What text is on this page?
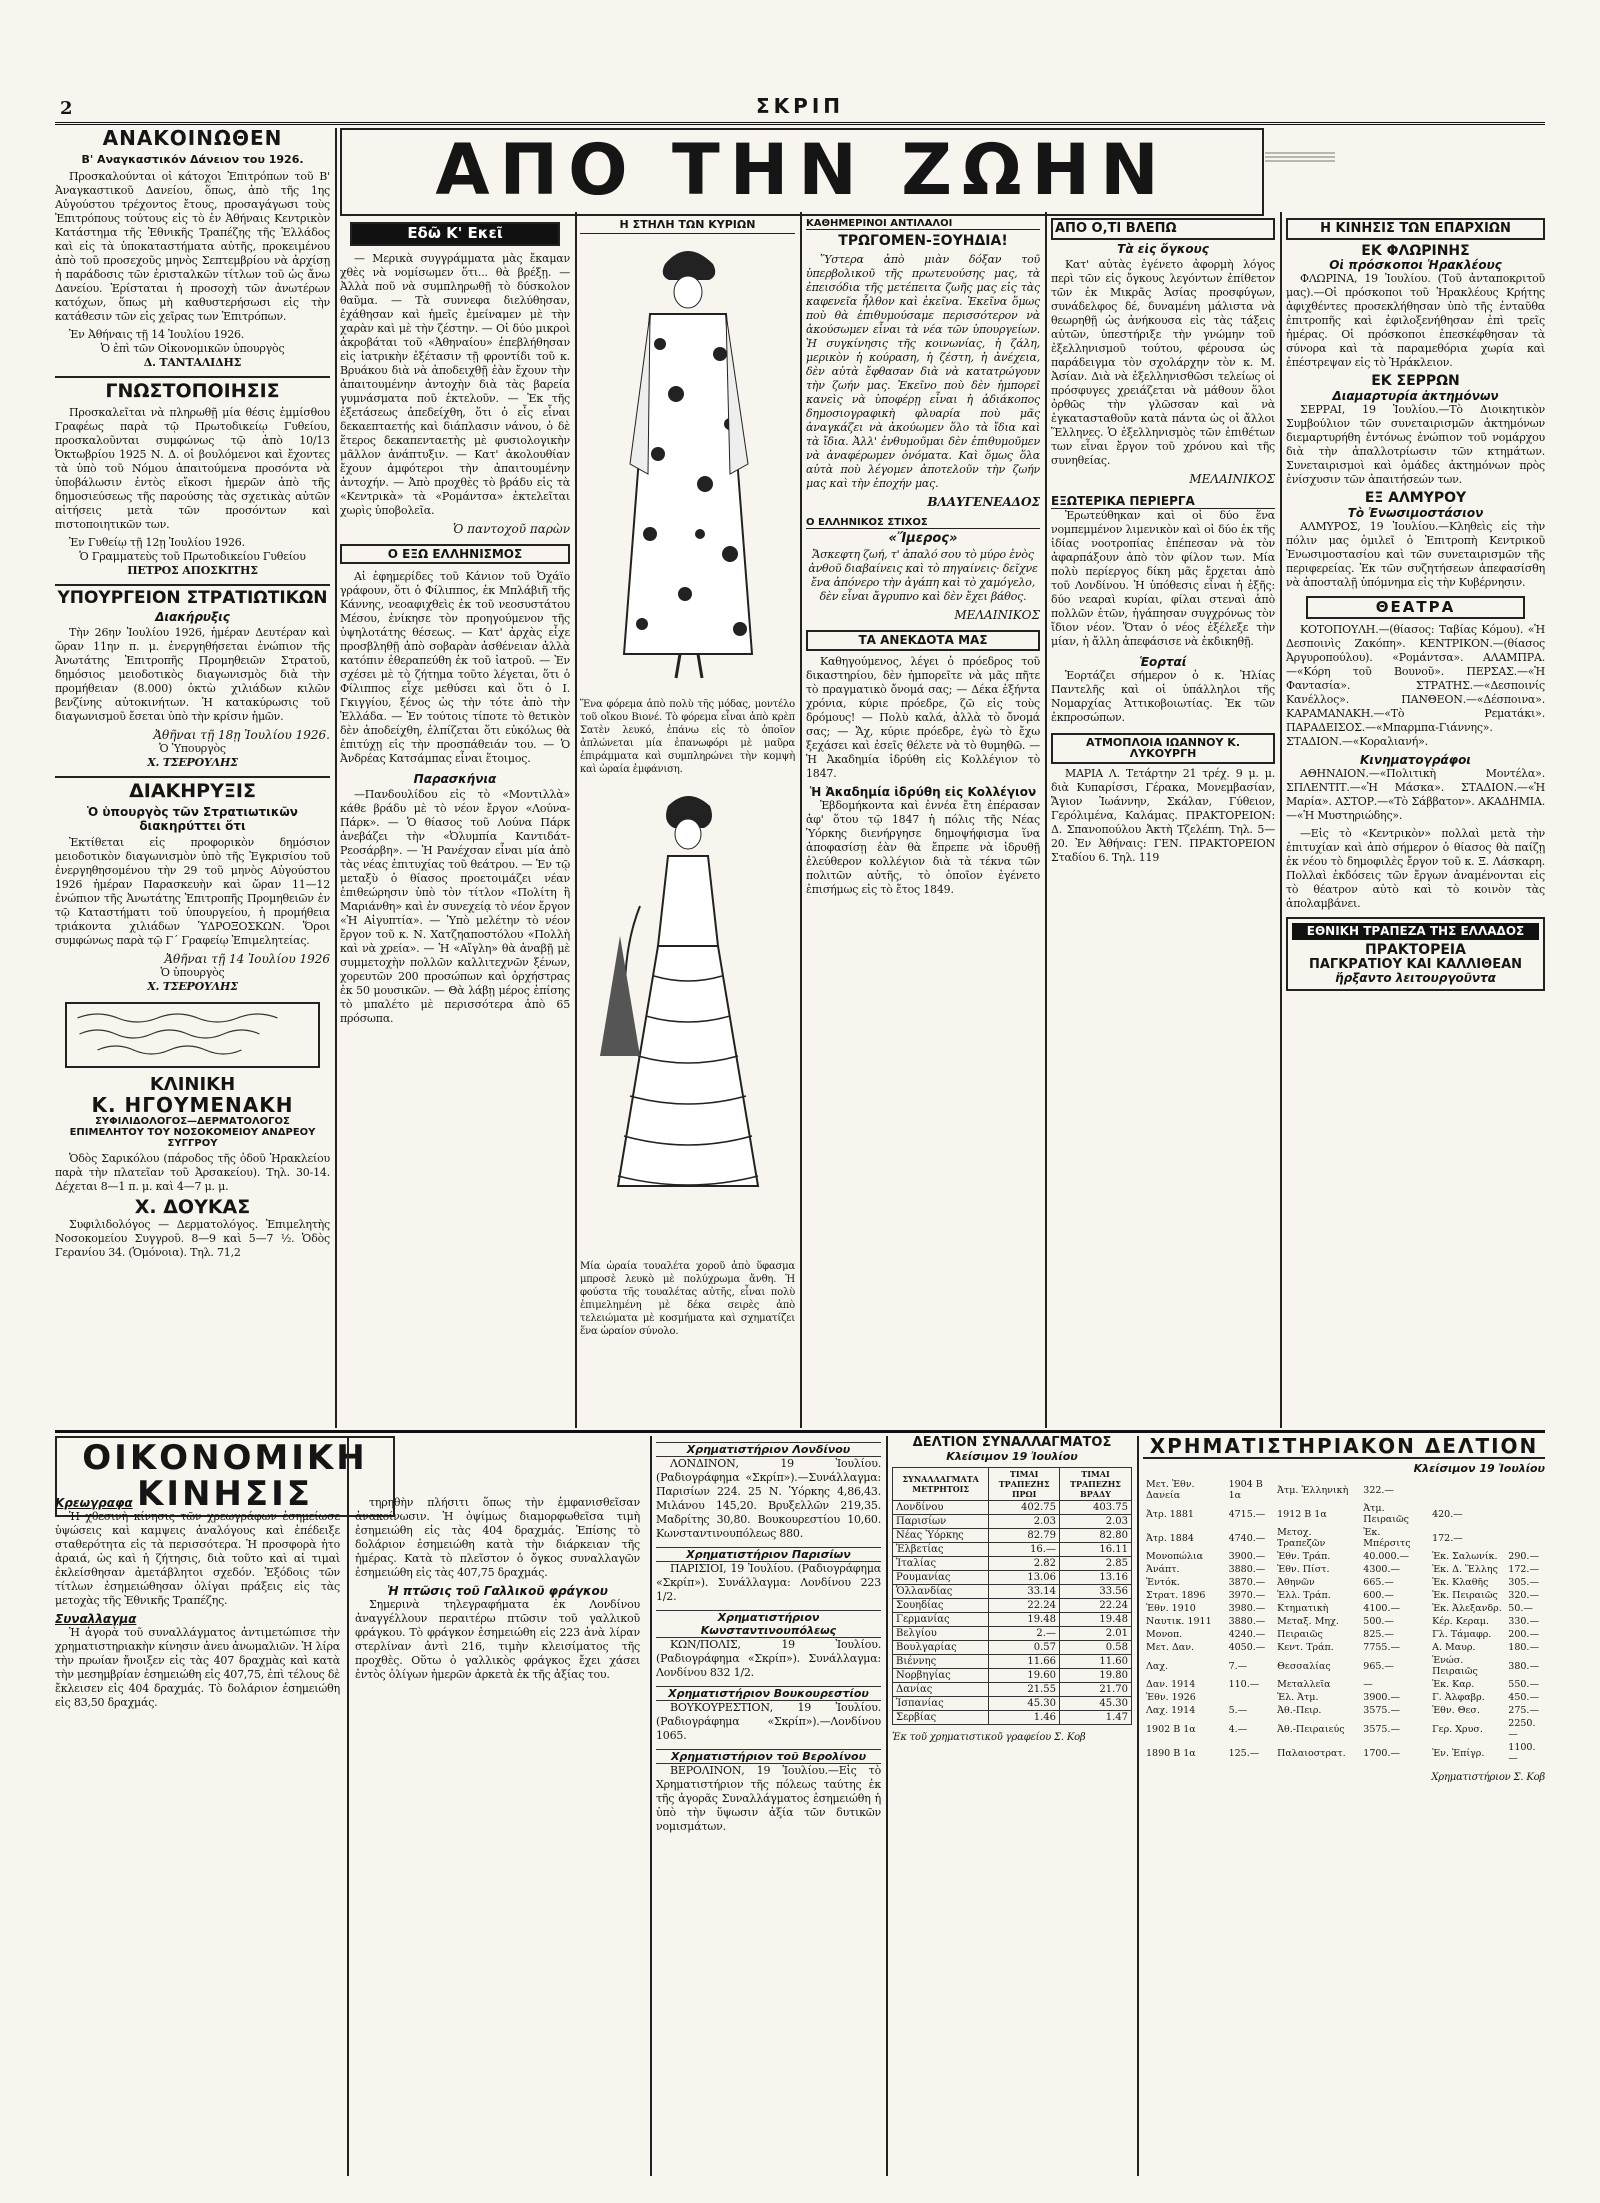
2	ΣΚΡΙΠ
ΑΠΟ ΤΗΝ ΖΩΗΝ
ΑΝΑΚΟΙΝΩΘΕΝ
Β' Αναγκαστικόν Δάνειον του 1926.

Προσκαλούνται οἱ κάτοχοι Ἐπιτρόπων τοῦ Β' Ἀναγκαστικοῦ Δανείου, ὅπως, ἀπὸ τῆς 1ης Αὐγούστου τρέχοντος ἔτους, προσαγάγωσι τοὺς Ἐπιτρόπους τούτους εἰς τὸ ἐν Ἀθήναις Κεντρικὸν Κατάστημα τῆς Ἐθνικῆς Τραπέζης τῆς Ἑλλάδος καὶ εἰς τὰ ὑποκαταστήματα αὐτῆς, προκειμένου ἀπὸ τοῦ προσεχοῦς μηνὸς Σεπτεμβρίου νὰ ἀρχίσῃ ἡ παράδοσις τῶν ἐρισταλκῶν τίτλων τοῦ ὡς ἄνω Δανείου. Ἐρίσταται ἡ προσοχὴ τῶν ἀνωτέρων κατόχων, ὅπως μὴ καθυστερήσωσι εἰς τὴν κατάθεσιν τῶν εἰς χεῖρας των Ἐπιτρόπων.

Ἐν Ἀθήναις τῇ 14 Ἰουλίου 1926.
Ὁ ἐπὶ τῶν Οἰκονομικῶν ὑπουργὸς
Δ. ΤΑΝΤΑΛΙΔΗΣ
ΓΝΩΣΤΟΠΟΙΗΣΙΣ

Προσκαλεῖται νὰ πληρωθῇ μία θέσις ἐμμίσθου Γραφέως παρὰ τῷ Πρωτοδικείῳ Γυθείου, προσκαλοῦνται συμφώνως τῷ ἀπὸ 10/13 Ὀκτωβρίου 1925 Ν. Δ. οἱ βουλόμενοι καὶ ἔχοντες τὰ ὑπὸ τοῦ Νόμου ἀπαιτούμενα προσόντα νὰ ὑποβάλωσιν ἐντὸς εἴκοσι ἡμερῶν ἀπὸ τῆς δημοσιεύσεως τῆς παρούσης τὰς σχετικὰς αὐτῶν αἰτήσεις μετὰ τῶν προσόντων καὶ πιστοποιητικῶν των.

Ἐν Γυθείῳ τῇ 12ῃ Ἰουλίου 1926.
Ὁ Γραμματεὺς τοῦ Πρωτοδικείου Γυθείου
ΠΕΤΡΟΣ ΑΠΟΣΚΙΤΗΣ
ΥΠΟΥΡΓΕΙΟΝ ΣΤΡΑΤΙΩΤΙΚΩΝ
Διακήρυξις

Τὴν 26ην Ἰουλίου 1926, ἡμέραν Δευτέραν καὶ ὥραν 11ην π. μ. ἐνεργηθήσεται ἐνώπιον τῆς Ἀνωτάτης Ἐπιτροπῆς Προμηθειῶν Στρατοῦ, δημόσιος μειοδοτικὸς διαγωνισμὸς διὰ τὴν προμήθειαν (8.000) ὀκτὼ χιλιάδων κιλῶν βενζίνης αὐτοκινήτων. Ἡ κατακύρωσις τοῦ διαγωνισμοῦ ἔσεται ὑπὸ τὴν κρίσιν ἡμῶν.

Ἀθῆναι τῇ 18ῃ Ἰουλίου 1926.
Ὁ Ὑπουργὸς
Χ. ΤΣΕΡΟΥΛΗΣ
ΔΙΑΚΗΡΥΞΙΣ
Ὁ ὑπουργὸς τῶν Στρατιωτικῶν διακηρύττει ὅτι

Ἐκτίθεται εἰς προφορικὸν δημόσιον μειοδοτικὸν διαγωνισμὸν ὑπὸ τῆς Ἐγκρισίου τοῦ ἐνεργηθησομένου τὴν 29 τοῦ μηνὸς Αὐγούστου 1926 ἡμέραν Παρασκευὴν καὶ ὥραν 11—12 ἐνώπιον τῆς Ἀνωτάτης Ἐπιτροπῆς Προμηθειῶν ἐν τῷ Καταστήματι τοῦ ὑπουργείου, ἡ προμήθεια τριάκοντα χιλιάδων ὙΔΡΟΞΟΣΚΩΝ. Ὅροι συμφώνως παρὰ τῷ Γ΄ Γραφείῳ Ἐπιμελητείας.

Ἀθῆναι τῇ 14 Ἰουλίου 1926
Ὁ ὑπουργὸς
Χ. ΤΣΕΡΟΥΛΗΣ
ΚΛΙΝΙΚΗ
Κ. ΗΓΟΥΜΕΝΑΚΗ
ΣΥΦΙΛΙΔΟΛΟΓΟΣ—ΔΕΡΜΑΤΟΛΟΓΟΣ
ΕΠΙΜΕΛΗΤΟΥ ΤΟΥ ΝΟΣΟΚΟΜΕΙΟΥ ΑΝΔΡΕΟΥ ΣΥΓΓΡΟΥ

Ὁδὸς Σαρικόλου (πάροδος τῆς ὁδοῦ Ἡρακλείου παρὰ τὴν πλατεῖαν τοῦ Ἀρσακείου). Τηλ. 30-14. Δέχεται 8—1 π. μ. καὶ 4—7 μ. μ.

Χ. ΔΟΥΚΑΣ

Συφιλιδολόγος — Δερματολόγος. Ἐπιμελητὴς Νοσοκομείου Συγγροῦ. 8—9 καὶ 5—7 ½. Ὁδὸς Γερανίου 34. (Ὁμόνοια). Τηλ. 71,2

Εδῶ Κ' Εκεῖ

— Μερικὰ συγγράμματα μὰς ἔκαμαν χθὲς νὰ νομίσωμεν ὅτι... θὰ βρέξῃ. — Ἀλλὰ ποῦ νὰ συμπληρωθῇ τὸ δύσκολον θαῦμα. — Τὰ συννεφα διελύθησαν, ἐχάθησαν καὶ ἡμεῖς ἐμείναμεν μὲ τὴν χαρὰν καὶ μὲ τὴν ζέστην. — Οἱ δύο μικροὶ ἀκροβάται τοῦ «Ἀθηναίου» ἐπεβλήθησαν εἰς ἰατρικὴν ἐξέτασιν τῇ φροντίδι τοῦ κ. Βρυάκου διὰ νὰ ἀποδειχθῇ ἐὰν ἔχουν τὴν ἀπαιτουμένην ἀντοχὴν διὰ τὰς βαρεία γυμνάσματα ποῦ ἐκτελοῦν. — Ἐκ τῆς ἐξετάσεως ἀπεδείχθη, ὅτι ὁ εἷς εἶναι δεκαεπταετής καὶ διάπλασιν νάνου, ὁ δὲ ἕτερος δεκαπενταετὴς μὲ φυσιολογικὴν μᾶλλον ἀνάπτυξιν. — Κατ' ἀκολουθίαν ἔχουν ἀμφότεροι τὴν ἀπαιτουμένην ἀντοχήν. — Ἀπὸ προχθὲς τὸ βράδυ εἰς τὰ «Κεντρικὰ» τὰ «Ρομάντσα» ἐκτελεῖται χωρὶς ὑποβολεῖα.

Ὁ παντοχοῦ παρὼν
Ο ΕΞΩ ΕΛΛΗΝΙΣΜΟΣ

Αἱ ἐφημερίδες τοῦ Κάνιον τοῦ Ὀχάϊο γράφουν, ὅτι ὁ Φίλιππος, ἐκ Μπλάβιῆ τῆς Κάννης, νεοαφιχθεὶς ἐκ τοῦ νεοσυστάτου Μέσου, ἐνίκησε τὸν προηγούμενον τῆς ὑψηλοτάτης θέσεως. — Κατ' ἀρχὰς εἶχε προσβληθῇ ἀπὸ σοβαρὰν ἀσθένειαν ἀλλὰ κατόπιν ἐθεραπεύθη ἐκ τοῦ ἰατροῦ. — Ἐν σχέσει μὲ τὸ ζήτημα τοῦτο λέγεται, ὅτι ὁ Φίλιππος εἶχε μεθύσει καὶ ὅτι ὁ Ι. Γκιγγίου, ξένος ὡς τὴν τότε ἀπὸ τὴν Ἑλλάδα. — Ἐν τούτοις τίποτε τὸ θετικὸν δὲν ἀποδείχθη, ἐλπίζεται ὅτι εὐκόλως θὰ ἐπιτύχῃ εἰς τὴν προσπάθειάν του. — Ὁ Ἀνδρέας Κατσάμπας εἶναι ἕτοιμος.

Παρασκήνια

—Πανδουλίδου εἰς τὸ «Μοντιλλὰ» κάθε βράδυ μὲ τὸ νέον ἔργον «Λούνα-Πάρκ». — Ὁ θίασος τοῦ Λούνα Πάρκ ἀνεβάζει τὴν «Ὀλυμπία Καντιδάτ-Ρεοσάρβη». — Ἡ Ρανέχσαν εἶναι μία ἀπὸ τὰς νέας ἐπιτυχίας τοῦ θεάτρου. — Ἐν τῷ μεταξὺ ὁ θίασος προετοιμάζει νέαν ἐπιθεώρησιν ὑπὸ τὸν τίτλον «Πολίτη ἢ Μαριάνθη» καὶ ἐν συνεχείᾳ τὸ νέον ἔργον «Ἡ Αἰγυπτία». — Ὑπὸ μελέτην τὸ νέον ἔργον τοῦ κ. Ν. Χατζηαποστόλου «Πολλὴ καὶ νὰ χρεία». — Ἡ «Αἴγλη» θὰ ἀναβῇ μὲ συμμετοχὴν πολλῶν καλλιτεχνῶν ξένων, χορευτῶν 200 προσώπων καὶ ὀρχήστρας ἐκ 50 μουσικῶν. — Θὰ λάβῃ μέρος ἐπίσης τὸ μπαλέτο μὲ περισσότερα ἀπὸ 65 πρόσωπα.

Η ΣΤΗΛΗ ΤΩΝ ΚΥΡΙΩΝ

Ἕνα φόρεμα ἀπὸ πολὺ τῆς μόδας, μοντέλο τοῦ οἴκου Βιονέ. Τὸ φόρεμα εἶναι ἀπὸ κρὲπ Σατὲν λευκό, ἐπάνω εἰς τὸ ὁποῖον ἀπλώνεται μία ἐπανωφόρι μὲ μαῦρα ἐπιράμματα καὶ συμπληρώνει τὴν κομψὴ καὶ ὡραία ἐμφάνιση.

Μία ὡραία τουαλέτα χοροῦ ἀπὸ ὕφασμα μπροσὲ λευκὸ μὲ πολύχρωμα ἄνθη. Ἡ φούστα τῆς τουαλέτας αὐτῆς, εἶναι πολὺ ἐπιμελημένη μὲ δέκα σειρὲς ἀπὸ τελειώματα μὲ κοσμήματα καὶ σχηματίζει ἕνα ὡραίον σύνολο.

ΚΑΘΗΜΕΡΙΝΟΙ ΑΝΤΙΛΑΛΟΙ
ΤΡΩΓΟΜΕΝ-ΞΟΥΗΔΙΑ!

Ὕστερα ἀπὸ μιὰν δόξαν τοῦ ὑπερβολικοῦ τῆς πρωτευούσης μας, τὰ ἐπεισόδια τῆς μετέπειτα ζωῆς μας εἰς τὰς καφενεῖα ἦλθον καὶ ἐκεῖνα. Ἐκεῖνα ὅμως ποὺ θὰ ἐπιθυμούσαμε περισσότερον νὰ ἀκούσωμεν εἶναι τὰ νέα τῶν ὑπουργείων. Ἡ συγκίνησις τῆς κοινωνίας, ἡ ζάλη, μερικὸν ἡ κούραση, ἡ ζέστη, ἡ ἀνέχεια, δὲν αὐτὰ ἔφθασαν διὰ νὰ κατατρώγουν τὴν ζωήν μας. Ἐκεῖνο ποὺ δὲν ἠμπορεῖ κανεὶς νὰ ὑποφέρῃ εἶναι ἡ ἀδιάκοπος δημοσιογραφικὴ φλυαρία ποὺ μᾶς ἀναγκάζει νὰ ἀκούωμεν ὅλο τὰ ἴδια καὶ τὰ ἴδια. Ἀλλ' ἐνθυμοῦμαι δὲν ἐπιθυμοῦμεν νὰ ἀναφέρωμεν ὀνόματα. Καὶ ὅμως ὅλα αὐτὰ ποὺ λέγομεν ἀποτελοῦν τὴν ζωήν μας καὶ τὴν ἐποχήν μας.

ΒΛΑΥΓΕΝΕΑΔΟΣ
Ο ΕΛΛΗΝΙΚΟΣ ΣΤΙΧΟΣ
«Ἴμερος»

Ἄσκεφτη ζωή, τ' ἀπαλό σου τὸ μύρο ἐνὸς ἀνθοῦ διαβαίνεις καὶ τὸ πηγαίνεις· δεῖχνε ἔνα ἀπόνερο τὴν ἀγάπη καὶ τὸ χαμόγελο, δὲν εἶναι ἄγρυπνο καὶ δὲν ἔχει βάθος.

ΜΕΛΑΙΝΙΚΟΣ
ΤΑ ΑΝΕΚΔΟΤΑ ΜΑΣ

Καθηγούμενος, λέγει ὁ πρόεδρος τοῦ δικαστηρίου, δὲν ἠμπορεῖτε νὰ μᾶς πῆτε τὸ πραγματικὸ ὄνομά σας; — Δέκα ἑξήντα χρόνια, κύριε πρόεδρε, ζῶ εἰς τοὺς δρόμους! — Πολὺ καλά, ἀλλὰ τὸ ὄνομά σας; — Ἄχ, κύριε πρόεδρε, ἐγὼ τὸ ἔχω ξεχάσει καὶ ἐσεῖς θέλετε νὰ τὸ θυμηθῶ. — Ἡ Ἀκαδημία ἱδρύθη εἰς Κολλέγιον τὸ 1847.

Ἡ Ἀκαδημία ἱδρύθη εἰς Κολλέγιον

Ἐβδομήκοντα καὶ ἐννέα ἔτη ἐπέρασαν ἀφ' ὅτου τῷ 1847 ἡ πόλις τῆς Νέας Ὑόρκης διενήργησε δημοψήφισμα ἵνα ἀποφασίσῃ ἐὰν θὰ ἔπρεπε νὰ ἱδρυθῇ ἐλεύθερον κολλέγιον διὰ τὰ τέκνα τῶν πολιτῶν αὐτῆς, τὸ ὁποῖον ἐγένετο ἐπισήμως εἰς τὸ ἔτος 1849.

ΑΠΟ Ο,ΤΙ ΒΛΕΠΩ
Τὰ εἰς ὄγκους

Κατ' αὐτὰς ἐγένετο ἀφορμὴ λόγος περὶ τῶν εἰς ὄγκους λεγόντων ἐπίθετον τῶν ἐκ Μικρᾶς Ἀσίας προσφύγων, συνάδελφος δέ, δυναμένη μάλιστα νὰ θεωρηθῇ ὡς ἀνήκουσα εἰς τὰς τάξεις αὐτῶν, ὑπεστήριξε τὴν γνώμην τοῦ ἐξελληνισμοῦ τούτου, φέρουσα ὡς παράδειγμα τὸν σχολάρχην τὸν κ. Μ. Ἀσίαν. Διὰ νὰ ἐξελληνισθῶσι τελείως οἱ πρόσφυγες χρειάζεται νὰ μάθουν ὅλοι ὀρθῶς τὴν γλῶσσαν καὶ νὰ ἐγκατασταθοῦν κατὰ πάντα ὡς οἱ ἄλλοι Ἕλληνες. Ὁ ἐξελληνισμὸς τῶν ἐπιθέτων των εἶναι ἔργον τοῦ χρόνου καὶ τῆς συνηθείας.

ΜΕΛΑΙΝΙΚΟΣ
ΕΞΩΤΕΡΙΚΑ ΠΕΡΙΕΡΓΑ

Ἐρωτεύθηκαν καὶ οἱ δύο ἕνα νομπεμμένον λιμενικὸν καὶ οἱ δύο ἐκ τῆς ἰδίας νοοτροπίας ἐπέπεσαν νὰ τὸν ἀφαρπάξουν ἀπὸ τὸν φίλον των. Μία πολὺ περίεργος δίκη μᾶς ἔρχεται ἀπὸ τοῦ Λονδίνου. Ἡ ὑπόθεσις εἶναι ἡ ἑξῆς: δύο νεαραὶ κυρίαι, φίλαι στεναὶ ἀπὸ πολλῶν ἐτῶν, ἠγάπησαν συγχρόνως τὸν ἴδιον νέον. Ὅταν ὁ νέος ἐξέλεξε τὴν μίαν, ἡ ἄλλη ἀπεφάσισε νὰ ἐκδικηθῇ.

Ἑορταί

Ἑορτάζει σήμερον ὁ κ. Ἠλίας Παντελῆς καὶ οἱ ὑπάλληλοι τῆς Νομαρχίας Ἀττικοβοιωτίας. Ἐκ τῶν ἐκπροσώπων.

ΑΤΜΟΠΛΟΙΑ ΙΩΑΝΝΟΥ Κ. ΛΥΚΟΥΡΓΗ

ΜΑΡΙΑ Λ. Τετάρτην 21 τρέχ. 9 μ. μ. διὰ Κυπαρίσσι, Γέρακα, Μονεμβασίαν, Ἄγιον Ἰωάννην, Σκάλαν, Γύθειον, Γερόλιμένα, Καλάμας. ΠΡΑΚΤΟΡΕΙΟΝ: Δ. Σπανοπούλου Ἀκτὴ Τζελέπη. Τηλ. 5—20. Ἐν Ἀθήναις: ΓΕΝ. ΠΡΑΚΤΟΡΕΙΟΝ Σταδίου 6. Τηλ. 119

Η ΚΙΝΗΣΙΣ ΤΩΝ ΕΠΑΡΧΙΩΝ
ΕΚ ΦΛΩΡΙΝΗΣ
Οἱ πρόσκοποι Ἡρακλέους

ΦΛΩΡΙΝΑ, 19 Ἰουλίου. (Τοῦ ἀνταποκριτοῦ μας).—Οἱ πρόσκοποι τοῦ Ἡρακλέους Κρήτης ἀφιχθέντες προσεκλήθησαν ὑπὸ τῆς ἐνταῦθα ἐπιτροπῆς καὶ ἐφιλοξενήθησαν ἐπὶ τρεῖς ἡμέρας. Οἱ πρόσκοποι ἐπεσκέφθησαν τὰ σύνορα καὶ τὰ παραμεθόρια χωρία καὶ ἐπέστρεψαν εἰς τὸ Ἡράκλειον.

ΕΚ ΣΕΡΡΩΝ
Διαμαρτυρία ἀκτημόνων

ΣΕΡΡΑΙ, 19 Ἰουλίου.—Τὸ Διοικητικὸν Συμβούλιον τῶν συνεταιρισμῶν ἀκτημόνων διεμαρτυρήθη ἐντόνως ἐνώπιον τοῦ νομάρχου διὰ τὴν ἀπαλλοτρίωσιν τῶν κτημάτων. Συνεταιρισμοὶ καὶ ὁμάδες ἀκτημόνων πρὸς ἐνίσχυσιν τῶν ἀπαιτήσεών των.

ΕΞ ΑΛΜΥΡΟΥ
Τὸ Ἐνωσιμοστάσιον

ΑΛΜΥΡΟΣ, 19 Ἰουλίου.—Κληθεὶς εἰς τὴν πόλιν μας ὁμιλεῖ ὁ Ἐπιτροπὴ Κεντρικοῦ Ἐνωσιμοστασίου καὶ τῶν συνεταιρισμῶν τῆς περιφερείας. Ἐκ τῶν συζητήσεων ἀπεφασίσθη νὰ ἀποσταλῇ ὑπόμνημα εἰς τὴν Κυβέρνησιν.

ΘΕΑΤΡΑ

ΚΟΤΟΠΟΥΛΗ.—(θίασος: Ταβίας Κόμου). «Ἡ Δεσποινὶς Ζακόπη». ΚΕΝΤΡΙΚΟΝ.—(θίασος Ἀργυροπούλου). «Ρομάντσα». ΑΛΑΜΠΡΑ.—«Κόρη τοῦ Βουνοῦ». ΠΕΡΣΑΣ.—«Ἡ Φαντασία». ΣΤΡΑΤΗΣ.—«Δεσποινίς Κανέλλος». ΠΑΝΘΕΟΝ.—«Δέσποινα». ΚΑΡΑΜΑΝΑΚΗ.—«Τὸ Ρεματάκι». ΠΑΡΑΔΕΙΣΟΣ.—«Μπαρμπα-Γιάννης». ΣΤΑΔΙΟΝ.—«Κοραλιανή».

Κινηματογράφοι

ΑΘΗΝΑΙΟΝ.—«Πολιτικὴ Μοντέλα». ΣΠΛΕΝΤΙΤ.—«Ἡ Μάσκα». ΣΤΑΔΙΟΝ.—«Ἡ Μαρία». ΑΣΤΟΡ.—«Τὸ Σάββατον». ΑΚΑΔΗΜΙΑ.—«Ἡ Μυστηριώδης».

—Εἰς τὸ «Κεντρικὸν» πολλαὶ μετὰ τὴν ἐπιτυχίαν καὶ ἀπὸ σήμερον ὁ θίασος θὰ παίζῃ ἐκ νέου τὸ δημοφιλὲς ἔργον τοῦ κ. Ξ. Λάσκαρη. Πολλαὶ ἐκδόσεις τῶν ἔργων ἀναμένονται εἰς τὸ θέατρον αὐτὸ καὶ τὸ κοινὸν τὰς ἀπολαμβάνει.

ΕΘΝΙΚΗ ΤΡΑΠΕΖΑ ΤΗΣ ΕΛΛΑΔΟΣ
ΠΡΑΚΤΟΡΕΙΑ
ΠΑΓΚΡΑΤΙΟΥ ΚΑΙ ΚΑΛΛΙΘΕΑΝ
ἤρξαντο λειτουργοῦντα
ΟΙΚΟΝΟΜΙΚΗ ΚΙΝΗΣΙΣ
Κρεωγραφα

Ἡ χθεσινὴ κίνησις τῶν χρεωγράφων ἐσημείωσε ὑψώσεις καὶ καμψεις ἀναλόγους καὶ ἐπέδειξε σταθερότητα εἰς τὰ περισσότερα. Ἡ προσφορὰ ἡτο ἀραιά, ὡς καὶ ἡ ζήτησις, διὰ τοῦτο καὶ αἱ τιμαὶ ἐκλείσθησαν ἀμετάβλητοι σχεδόν. Ἐξόδοις τῶν τίτλων ἐσημειώθησαν ὀλίγαι πράξεις εἰς τὰς μετοχὰς τῆς Ἐθνικῆς Τραπέζης.

Συναλλαγμα

Ἡ ἀγορὰ τοῦ συναλλάγματος ἀντιμετώπισε τὴν χρηματιστηριακὴν κίνησιν ἀνευ ἀνωμαλιῶν. Ἡ λίρα τὴν πρωίαν ἤνοιξεν εἰς τὰς 407 δραχμὰς καὶ κατὰ τὴν μεσημβρίαν ἐσημειώθη εἰς 407,75, ἐπὶ τέλους δὲ ἔκλεισεν εἰς 404 δραχμάς. Τὸ δολάριον ἐσημειώθη εἰς 83,50 δραχμάς.

τηρηθὴν πλήσιτι ὅπως τὴν ἐμφανισθεῖσαν ἀνακοίνωσιν. Ἡ ὀψίμως διαμορφωθεῖσα τιμὴ ἐσημειώθη εἰς τὰς 404 δραχμάς. Ἐπίσης τὸ δολάριον ἐσημειώθη κατὰ τὴν διάρκειαν τῆς ἡμέρας. Κατὰ τὸ πλεῖστον ὁ ὄγκος συναλλαγῶν ἐσημειώθη εἰς τὰς 407,75 δραχμάς.

Ἡ πτῶσις τοῦ Γαλλικοῦ φράγκου

Σημερινὰ τηλεγραφήματα ἐκ Λονδίνου ἀναγγέλλουν περαιτέρω πτῶσιν τοῦ γαλλικοῦ φράγκου. Τὸ φράγκον ἐσημειώθη εἰς 223 ἀνὰ λίραν στερλίναν ἀντὶ 216, τιμὴν κλεισίματος τῆς προχθὲς. Οὕτω ὁ γαλλικὸς φράγκος ἔχει χάσει ἐντὸς ὀλίγων ἡμερῶν ἀρκετὰ ἐκ τῆς ἀξίας του.

Χρηματιστήριον Λονδίνου

ΛΟΝΔΙΝΟΝ, 19 Ἰουλίου. (Ραδιογράφημα «Σκρίπ»).—Συνάλλαγμα: Παρισίων 224. 25 Ν. Ὑόρκης 4,86,43. Μιλάνου 145,20. Βρυξελλῶν 219,35. Μαδρίτης 30,80. Βουκουρεστίου 10,60. Κωνσταντινουπόλεως 880.

Χρηματιστήριον Παρισίων

ΠΑΡΙΣΙΟΙ, 19 Ἰουλίου. (Ραδιογράφημα «Σκρίπ»). Συνάλλαγμα: Λονδίνου 223 1/2.

Χρηματιστήριον Κωνσταντινουπόλεως

ΚΩΝ/ΠΟΛΙΣ, 19 Ἰουλίου. (Ραδιογράφημα «Σκρίπ»). Συνάλλαγμα: Λονδίνου 832 1/2.

Χρηματιστήριον Βουκουρεστίου

ΒΟΥΚΟΥΡΕΣΤΙΟΝ, 19 Ἰουλίου. (Ραδιογράφημα «Σκρίπ»).—Λονδίνου 1065.

Χρηματιστήριον τοῦ Βερολίνου

ΒΕΡΟΛΙΝΟΝ, 19 Ἰουλίου.—Εἰς τὸ Χρηματιστήριον τῆς πόλεως ταύτης ἐκ τῆς ἀγορᾶς Συναλλάγματος ἐσημειώθη ἡ ὑπὸ τὴν ὕψωσιν ἀξία τῶν δυτικῶν νομισμάτων.

ΔΕΛΤΙΟΝ ΣΥΝΑΛΛΑΓΜΑΤΟΣ
Κλείσιμον 19 Ἰουλίου
ΣΥΝΑΛΛΑΓΜΑΤΑ ΜΕΤΡΗΤΟΙΣ	ΤΙΜΑΙ ΤΡΑΠΕΖΗΣ ΠΡΩΙ	ΤΙΜΑΙ ΤΡΑΠΕΖΗΣ ΒΡΑΔΥ
Λονδίνου	402.75	403.75
Παρισίων	2.03	2.03
Νέας Ὑόρκης	82.79	82.80
Ἑλβετίας	16.—	16.11
Ἰταλίας	2.82	2.85
Ρουμανίας	13.06	13.16
Ὁλλανδίας	33.14	33.56
Σουηδίας	22.24	22.24
Γερμανίας	19.48	19.48
Βελγίου	2.—	2.01
Βουλγαρίας	0.57	0.58
Βιέννης	11.66	11.60
Νορβηγίας	19.60	19.80
Δανίας	21.55	21.70
Ἰσπανίας	45.30	45.30
Σερβίας	1.46	1.47
Ἐκ τοῦ χρηματιστικοῦ γραφείου Σ. Κοβ
ΧΡΗΜΑΤΙΣΤΗΡΙΑΚΟΝ ΔΕΛΤΙΟΝ
Κλείσιμον 19 Ἰουλίου
Μετ. Ἐθν. Δανεία	1904 Β 1α	Ἀτμ. Ἑλληνικὴ	322.—		
Ἀτρ. 1881	4715.—	1912 Β 1α	Ἀτμ. Πειραιῶς	420.—	
Ἀτρ. 1884	4740.—	Μετοχ. Τραπεζῶν	Ἐκ. Μπέρσιτς	172.—	
Μονοπώλια	3900.—	Ἐθν. Τράπ.	40.000.—	Ἐκ. Σαλωνίκ.	290.—
Ἀνάπτ.	3880.—	Ἐθν. Πίστ.	4300.—	Ἐκ. Δ. Ἕλλης	172.—
Ἐντόκ.	3870.—	Ἀθηνῶν	665.—	Ἐκ. Κλαθῆς	305.—
Στρατ. 1896	3970.—	Ἑλλ. Τράπ.	600.—	Ἐκ. Πειραιῶς	320.—
Ἐθν. 1910	3980.—	Κτηματικὴ	4100.—	Ἐκ. Ἀλεξανδρ.	50.—
Ναυτικ. 1911	3880.—	Μεταξ. Μηχ.	500.—	Κέρ. Κεραμ.	330.—
Μονοπ.	4240.—	Πειραιῶς	825.—	Γλ. Τάμαφρ.	200.—
Μετ. Δαν.	4050.—	Κεντ. Τράπ.	7755.—	Α. Μαυρ.	180.—
Λαχ.	7.—	Θεσσαλίας	965.—	Ἐνώσ. Πειραιῶς	380.—
Δαν. 1914	110.—	Μεταλλεῖα	—	Ἐκ. Καρ.	550.—
Ἐθν. 1926		Ἑλ. Ἀτμ.	3900.—	Γ. Ἀλφαβρ.	450.—
Λαχ. 1914	5.—	Ἀθ.-Πειρ.	3575.—	Ἐθν. Θεσ.	275.—
1902 Β 1α	4.—	Ἀθ.-Πειραιεύς	3575.—	Γερ. Χρυσ.	2250.—
1890 Β 1α	125.—	Παλαιοστρατ.	1700.—	Ἐν. Ἐπίγρ.	1100.—
Χρηματιστήριον Σ. Κοβ
